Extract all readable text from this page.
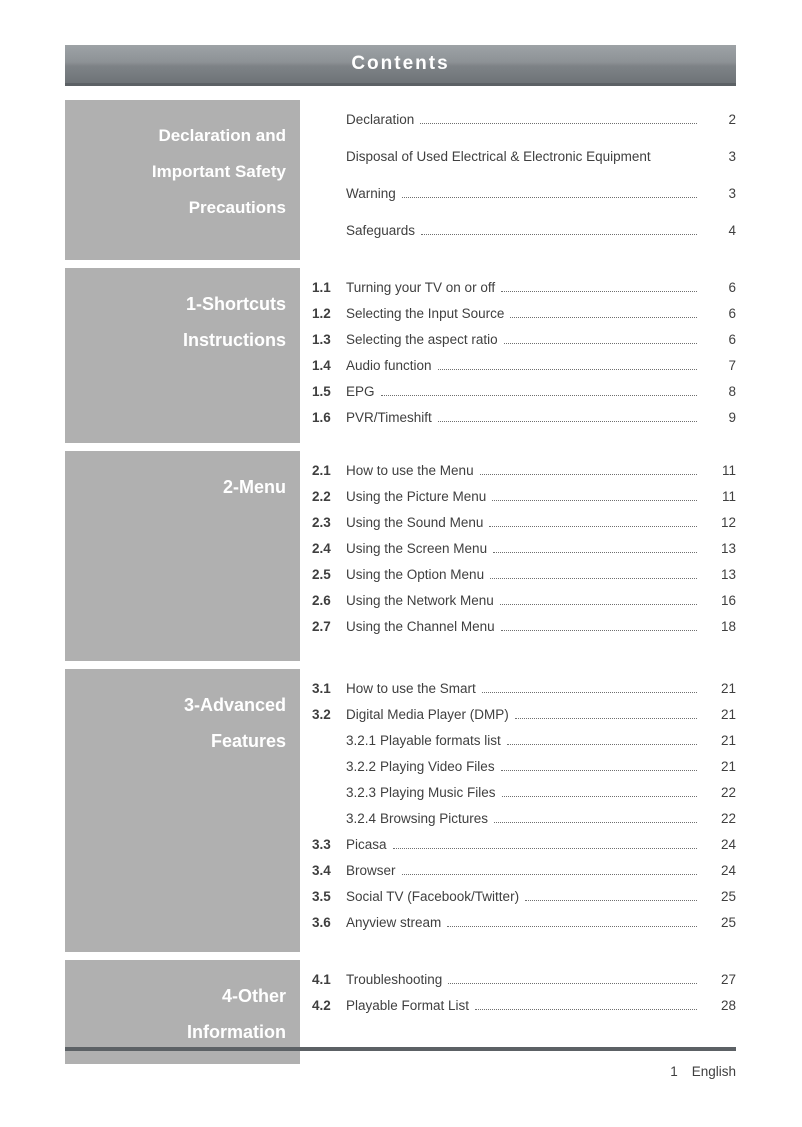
Contents
Declaration and
Important Safety
Precautions
Declaration	2
Disposal of Used Electrical & Electronic Equipment	3
Warning	3
Safeguards	4
1-Shortcuts
Instructions
1.1	Turning your TV on or off	6
1.2	Selecting the Input Source	6
1.3	Selecting the aspect ratio	6
1.4	Audio function	7
1.5	EPG	8
1.6	PVR/Timeshift	9
2-Menu
2.1	How to use the Menu	11
2.2	Using the Picture Menu	11
2.3	Using the Sound Menu	12
2.4	Using the Screen Menu	13
2.5	Using the Option Menu	13
2.6	Using the Network Menu	16
2.7	Using the Channel Menu	18
3-Advanced
Features
3.1	How to use the Smart	21
3.2	Digital Media Player (DMP)	21
3.2.1 Playable formats list	21
3.2.2 Playing Video Files	21
3.2.3 Playing Music Files	22
3.2.4 Browsing Pictures	22
3.3	Picasa	24
3.4	Browser	24
3.5	Social TV (Facebook/Twitter)	25
3.6	Anyview stream	25
4-Other
Information
4.1	Troubleshooting	27
4.2	Playable Format List	28
1 English
